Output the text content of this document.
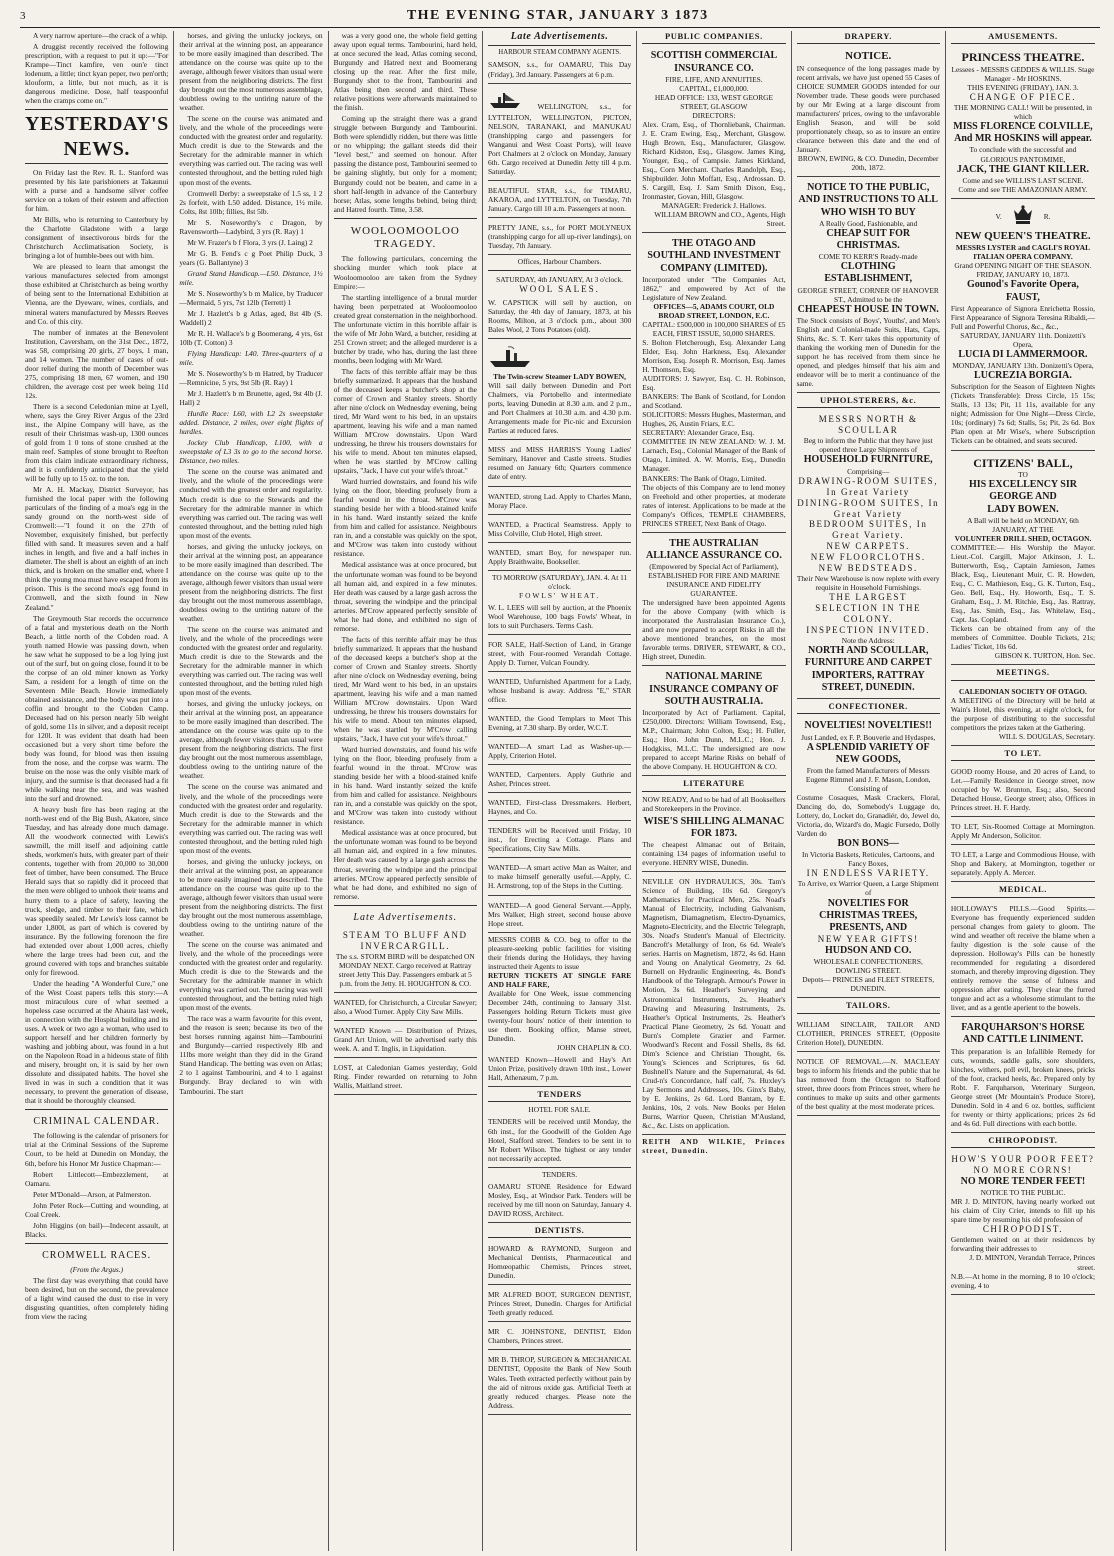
3	THE EVENING STAR, JANUARY 3 1873

A very narrow aperture—the crack of a whip.

A druggist recently received the following prescription, with a request to put it up:—"For Krampe—Tinct kamfire, ven oun'e tinct lodenum, a little; tinct kyan peper, two pen'orth; klouform, a little, but not much, as it is dangerous medicine. Dose, half teaspoonful when the cramps come on."

YESTERDAY'S NEWS.

On Friday last the Rev. R. L. Stanford was presented by his late parishioners at Takaunui with a purse and a handsome silver coffee service on a token of their esteem and affection for him.

Mr Bills, who is returning to Canterbury by the Charlotte Gladstone with a large consignment of insectivorous birds for the Christchurch Acclimatisation Society, is bringing a lot of humble-bees out with him.

We are pleased to learn that amongst the various manufactures selected from amongst those exhibited at Christchurch as being worthy of being sent to the International Exhibition at Vienna, are the Dyeware, wines, cordials, and mineral waters manufactured by Messrs Reeves and Co. of this city.

The number of inmates at the Benevolent Institution, Caversham, on the 31st Dec., 1872, was 58, comprising 20 girls, 27 boys, 1 man, and 14 women. The number of cases of out-door relief during the month of December was 275, comprising 18 men, 67 women, and 190 children, the average cost per week being 11d 12s.

There is a second Celedonian mine at Lyell, where, says the Grey River Argus of the 23rd inst., the Alpine Company will have, as the result of their Christmas wash-up, 1300 ounces of gold from 1 0 tons of stone crushed at the main reef. Samples of stone brought to Reefton from this claim indicate extraordinary richness, and it is confidently anticipated that the yield will be fully up to 15 oz. to the ton.

Mr A. H. Mackay, District Surveyor, has furnished the local paper with the following particulars of the finding of a moa's egg in the sandy ground on the north-west side of Cromwell:—"I found it on the 27th of November, exquisitely finished, but perfectly filled with sand. It measures seven and a half inches in length, and five and a half inches in diameter. The shell is about an eighth of an inch thick, and is broken on the smaller end, where I think the young moa must have escaped from its prison. This is the second moa's egg found in Cromwell, and the sixth found in New Zealand."

The Greymouth Star records the occurrence of a fatal and mysterious death on the North Beach, a little north of the Cobden road. A youth named Howie was passing down, when he saw what he supposed to be a log lying just out of the surf, but on going close, found it to be the corpse of an old miner known as Yorky Sam, a resident for a length of time on the Seventeen Mile Beach. Howie immediately obtained assistance, and the body was put into a coffin and brought to the Cobden Camp. Deceased had on his person nearly 5lb weight of gold, some 11s in silver, and a deposit receipt for 120l. It was evident that death had been occasioned but a very short time before the body was found, for blood was then issuing from the nose, and the corpse was warm. The bruise on the nose was the only visible mark of injury, and the surmise is that deceased had a fit while walking near the sea, and was washed into the surf and drowned.

A heavy bush fire has been raging at the north-west end of the Big Bush, Akatore, since Tuesday, and has already done much damage. All the woodwork connected with Lewis's sawmill, the mill itself and adjoining cattle sheds, workmen's huts, with greater part of their contents, together with from 20,000 to 30,000 feet of timber, have been consumed. The Bruce Herald says that so rapidly did it proceed that the men were obliged to unhook their teams and hurry them to a place of safety, leaving the truck, sledge, and timber to their fate, which was speedily sealed. Mr Lewis's loss cannot be under 1,800l, as part of which is covered by insurance. By the following forenoon the fire had extended over about 1,000 acres, chiefly where the large trees had been cut, and the ground covered with tops and branches suitable only for firewood.

Under the heading "A Wonderful Cure," one of the West Coast papers tells this story:—A most miraculous cure of what seemed a hopeless case occurred at the Ahaura last week, in connection with the Hospital building and its uses. A week or two ago a woman, who used to support herself and her children formerly by washing and jobbing about, was found in a hut on the Napoleon Road in a hideous state of filth and misery, brought on, it is said by her own dissolute and dissipated habits. The hovel she lived in was in such a condition that it was necessary, to prevent the generation of disease, that it should be thoroughly cleansed.

CRIMINAL CALENDAR.

The following is the calendar of prisoners for trial at the Criminal Sessions of the Supreme Court, to be held at Dunedin on Monday, the 6th, before his Honor Mr Justice Chapman:—

Robert Littlecott—Embezzlement, at Oamaru.

Peter M'Donald—Arson, at Palmerston.

John Peter Rock—Cutting and wounding, at Coal Creek.

John Higgins (on bail)—Indecent assault, at Blacks.

CROMWELL RACES.
(From the Argus.)

The first day was everything that could have been desired, but on the second, the prevalence of a light wind caused the dust to rise in very disgusting quantities, often completely hiding from view the racing

horses, and giving the unlucky jockeys, on their arrival at the winning post, an appearance to be more easily imagined than described. The attendance on the course was quite up to the average, although fewer visitors than usual were present from the neighboring districts. The first day brought out the most numerous assemblage, doubtless owing to the untiring nature of the weather.

The scene on the course was animated and lively, and the whole of the proceedings were conducted with the greatest order and regularity. Much credit is due to the Stewards and the Secretary for the admirable manner in which everything was carried out. The racing was well contested throughout, and the betting ruled high upon most of the events.

Cromwell Derby: a sweepstake of 1.5 ss, 1 2 2s forfeit, with L50 added. Distance, 1½ mile. Colts, 8st 10lb; fillies, 8st 5lb.

Mr S. Noseworthy's c Dragon, by Ravensworth—Ladybird, 3 yrs (R. Ray) 1

Mr W. Frazer's b f Flora, 3 yrs (J. Laing) 2

Mr G. B. Fend's c g Poet Philip Duck, 3 years (G. Ballantyne) 3

Grand Stand Handicap.—L50. Distance, 1½ mile.

Mr S. Noseworthy's b m Malice, by Traducer—Mermaid, 5 yrs, 7st 12lb (Terrett) 1

Mr J. Hazlett's b g Atlas, aged, 8st 4lb (S. Waddell) 2

Mr R. H. Wallace's b g Boomerang, 4 yrs, 6st 10lb (T. Cotton) 3

Flying Handicap: L40. Three-quarters of a mile.

Mr S. Noseworthy's b m Hatred, by Traducer—Remnicine, 5 yrs, 9st 5lb (R. Ray) 1

Mr J. Hazlett's b m Brunette, aged, 9st 4lb (J. Hall) 2

Hurdle Race: L60, with L2 2s sweepstake added. Distance, 2 miles, over eight flights of hurdles.

Jockey Club Handicap, L100, with a sweepstake of L3 3s to go to the second horse. Distance, two miles.

The scene on the course was animated and lively, and the whole of the proceedings were conducted with the greatest order and regularity. Much credit is due to the Stewards and the Secretary for the admirable manner in which everything was carried out. The racing was well contested throughout, and the betting ruled high upon most of the events.

horses, and giving the unlucky jockeys, on their arrival at the winning post, an appearance to be more easily imagined than described. The attendance on the course was quite up to the average, although fewer visitors than usual were present from the neighboring districts. The first day brought out the most numerous assemblage, doubtless owing to the untiring nature of the weather.

The scene on the course was animated and lively, and the whole of the proceedings were conducted with the greatest order and regularity. Much credit is due to the Stewards and the Secretary for the admirable manner in which everything was carried out. The racing was well contested throughout, and the betting ruled high upon most of the events.

horses, and giving the unlucky jockeys, on their arrival at the winning post, an appearance to be more easily imagined than described. The attendance on the course was quite up to the average, although fewer visitors than usual were present from the neighboring districts. The first day brought out the most numerous assemblage, doubtless owing to the untiring nature of the weather.

The scene on the course was animated and lively, and the whole of the proceedings were conducted with the greatest order and regularity. Much credit is due to the Stewards and the Secretary for the admirable manner in which everything was carried out. The racing was well contested throughout, and the betting ruled high upon most of the events.

horses, and giving the unlucky jockeys, on their arrival at the winning post, an appearance to be more easily imagined than described. The attendance on the course was quite up to the average, although fewer visitors than usual were present from the neighboring districts. The first day brought out the most numerous assemblage, doubtless owing to the untiring nature of the weather.

The scene on the course was animated and lively, and the whole of the proceedings were conducted with the greatest order and regularity. Much credit is due to the Stewards and the Secretary for the admirable manner in which everything was carried out. The racing was well contested throughout, and the betting ruled high upon most of the events.

The race was a warm favourite for this event, and the reason is seen; because its two of the best horses running against him—Tambourini and Burgundy—carried respectively 8lb and 11lbs more weight than they did in the Grand Stand Handicap. The betting was even on Atlas; 2 to 1 against Tambourini, and 4 to 1 against Burgundy. Bray declared to win with Tambourini. The start

was a very good one, the whole field getting away upon equal terms. Tambourini, hard held, at once secured the lead, Atlas coming second, Burgundy and Hatred next and Boomerang closing up the rear. After the first mile, Burgundy shot to the front, Tambourini and Atlas being then second and third. These relative positions were afterwards maintained to the finish.

Coming up the straight there was a grand struggle between Burgundy and Tambourini. Both were splendidly ridden, but there was little or no whipping; the gallant steeds did their "level best," and seemed on honour. After passing the distance post, Tambourini seemed to be gaining slightly, but only for a moment; Burgundy could not be beaten, and came in a short half-length in advance of the Canterbury horse; Atlas, some lengths behind, being third; and Hatred fourth. Time, 3.58.

WOOLOOMOOLOO TRAGEDY.

The following particulars, concerning the shocking murder which took place at Wooloomooloo are taken from the Sydney Empire:—

The startling intelligence of a brutal murder having been perpetrated at Wooloomooloo created great consternation in the neighborhood. The unfortunate victim in this horrible affair is the wife of Mr John Ward, a butcher, residing at 251 Crown street; and the alleged murderer is a butcher by trade, who has, during the last three months, been lodging with Mr Ward.

The facts of this terrible affair may be thus briefly summarized. It appears that the husband of the deceased keeps a butcher's shop at the corner of Crown and Stanley streets. Shortly after nine o'clock on Wednesday evening, being tired, Mr Ward went to his bed, in an upstairs apartment, leaving his wife and a man named William M'Crow downstairs. Upon Ward undressing, he threw his trousers downstairs for his wife to mend. About ten minutes elapsed, when he was startled by M'Crow calling upstairs, "Jack, I have cut your wife's throat."

Ward hurried downstairs, and found his wife lying on the floor, bleeding profusely from a fearful wound in the throat. M'Crow was standing beside her with a blood-stained knife in his hand. Ward instantly seized the knife from him and called for assistance. Neighbours ran in, and a constable was quickly on the spot, and M'Crow was taken into custody without resistance.

Medical assistance was at once procured, but the unfortunate woman was found to be beyond all human aid, and expired in a few minutes. Her death was caused by a large gash across the throat, severing the windpipe and the principal arteries. M'Crow appeared perfectly sensible of what he had done, and exhibited no sign of remorse.

The facts of this terrible affair may be thus briefly summarized. It appears that the husband of the deceased keeps a butcher's shop at the corner of Crown and Stanley streets. Shortly after nine o'clock on Wednesday evening, being tired, Mr Ward went to his bed, in an upstairs apartment, leaving his wife and a man named William M'Crow downstairs. Upon Ward undressing, he threw his trousers downstairs for his wife to mend. About ten minutes elapsed, when he was startled by M'Crow calling upstairs, "Jack, I have cut your wife's throat."

Ward hurried downstairs, and found his wife lying on the floor, bleeding profusely from a fearful wound in the throat. M'Crow was standing beside her with a blood-stained knife in his hand. Ward instantly seized the knife from him and called for assistance. Neighbours ran in, and a constable was quickly on the spot, and M'Crow was taken into custody without resistance.

Medical assistance was at once procured, but the unfortunate woman was found to be beyond all human aid, and expired in a few minutes. Her death was caused by a large gash across the throat, severing the windpipe and the principal arteries. M'Crow appeared perfectly sensible of what he had done, and exhibited no sign of remorse.

Late Advertisements.
STEAM TO BLUFF AND INVERCARGILL.
The s.s. STORM BIRD will be despatched ON MONDAY NEXT. Cargo received at Rattray street Jetty This Day. Passengers embark at 5 p.m. from the Jetty. H. HOUGHTON & CO.
WANTED, for Christchurch, a Circular Sawyer; also, a Wood Turner. Apply City Saw Mills.
WANTED Known — Distribution of Prizes, Grand Art Union, will be advertised early this week. A. and T. Inglis, in Liquidation.
LOST, at Caledonian Games yesterday, Gold Ring. Finder rewarded on returning to John Wallis, Maitland street.
Late Advertisements.
HARBOUR STEAM COMPANY AGENTS.
SAMSON, s.s., for OAMARU, This Day (Friday), 3rd January. Passengers at 6 p.m.
WELLINGTON, s.s., for LYTTELTON, WELLINGTON, PICTON, NELSON, TARANAKI, and MANUKAU (transhipping cargo and passengers for Wanganui and West Coast Ports), will leave Port Chalmers at 2 o'clock on Monday, January 6th. Cargo received at Dunedin Jetty till 4 p.m. Saturday.
BEAUTIFUL STAR, s.s., for TIMARU, AKAROA, and LYTTELTON, on Tuesday, 7th January. Cargo till 10 a.m. Passengers at noon.
PRETTY JANE, s.s., for PORT MOLYNEUX (transhipping cargo for all up-river landings), on Tuesday, 7th January.
Offices, Harbour Chambers.
SATURDAY, 4th JANUARY, At 3 o'clock.
WOOL SALES.
W. CAPSTICK will sell by auction, on Saturday, the 4th day of January, 1873, at his Rooms, Milton, at 3 o'clock p.m., about 300 Bales Wool, 2 Tons Potatoes (old).
The Twin-screw Steamer LADY BOWEN,
Will sail daily between Dunedin and Port Chalmers, via Portobello and intermediate ports, leaving Dunedin at 8.30 a.m. and 2 p.m., and Port Chalmers at 10.30 a.m. and 4.30 p.m. Arrangements made for Pic-nic and Excursion Parties at reduced fares.
MISS and MISS HARRIS'S Young Ladies' Seminary, Hanover and Castle streets. Studies resumed on January 6th; Quarters commence date of entry.
WANTED, strong Lad. Apply to Charles Mann, Moray Place.
WANTED, a Practical Seamstress. Apply to Miss Colville, Club Hotel, High street.
WANTED, smart Boy, for newspaper run. Apply Braithwaite, Bookseller.
TO MORROW (SATURDAY), JAN. 4. At 11 o'clock.
FOWLS' WHEAT.
W. L. LEES will sell by auction, at the Phoenix Wool Warehouse, 100 bags Fowls' Wheat, in lots to suit Purchasers. Terms Cash.
FOR SALE, Half-Section of Land, in Grange street, with Four-roomed Verandah Cottage. Apply D. Turner, Vulcan Foundry.
WANTED, Unfurnished Apartment for a Lady, whose husband is away. Address "E," STAR office.
WANTED, the Good Templars to Meet This Evening, at 7.30 sharp. By order, W.C.T.
WANTED—A smart Lad as Washer-up.—Apply, Criterion Hotel.
WANTED, Carpenters. Apply Guthrie and Asher, Princes street.
WANTED, First-class Dressmakers. Herbert, Haynes, and Co.
TENDERS will be Received until Friday, 10 inst., for Erecting a Cottage. Plans and Specifications, City Saw Mills.
WANTED—A smart active Man as Waiter, and to make himself generally useful.—Apply, C. H. Armstrong, top of the Steps in the Cutting.
WANTED—A good General Servant.—Apply, Mrs Walker, High street, second house above Hope street.
MESSRS COBB & CO. beg to offer to the pleasure-seeking public facilities for visiting their friends during the Holidays, they having instructed their Agents to issue
RETURN TICKETS AT SINGLE FARE AND HALF FARE,
Available for One Week, issue commencing December 24th, continuing to January 31st. Passengers holding Return Tickets must give twenty-four hours' notice of their intention to use them. Booking office, Manse street, Dunedin.
JOHN CHAPLIN & CO.
WANTED Known—Howell and Hay's Art Union Prize, positively drawn 10th inst., Lower Hall, Athenæum, 7 p.m.
TENDERS
HOTEL FOR SALE.
TENDERS will be received until Monday, the 6th inst., for the Goodwill of the Golden Age Hotel, Stafford street. Tenders to be sent in to Mr Robert Wilson. The highest or any tender not necessarily accepted.
TENDERS.
OAMARU STONE Residence for Edward Mosley, Esq., at Windsor Park. Tenders will be received by me till noon on Saturday, January 4. DAVID ROSS, Architect.
DENTISTS.
HOWARD & RAYMOND, Surgeon and Mechanical Dentists, Pharmaceutical and Homœopathic Chemists, Princes street, Dunedin.
MR ALFRED BOOT, SURGEON DENTIST, Princes Street, Dunedin. Charges for Artificial Teeth greatly reduced.
MR C. JOHNSTONE, DENTIST, Eldon Chambers, Princes street.
MR B. THROP, SURGEON & MECHANICAL DENTIST, Opposite the Bank of New South Wales. Teeth extracted perfectly without pain by the aid of nitrous oxide gas. Artificial Teeth at greatly reduced charges. Please note the Address.
PUBLIC COMPANIES.
SCOTTISH COMMERCIAL INSURANCE CO.
FIRE, LIFE, AND ANNUITIES.
CAPITAL, £1,000,000.
HEAD OFFICE: 133, WEST GEORGE STREET, GLASGOW
DIRECTORS:
Alex. Cram, Esq., of Thornliebank, Chairman. J. E. Cram Ewing, Esq., Merchant, Glasgow. Hugh Brown, Esq., Manufacturer, Glasgow. Richard Kidston, Esq., Glasgow. James King, Younger, Esq., of Campsie. James Kirkland, Esq., Corn Merchant. Charles Randolph, Esq., Shipbuilder. John Moffatt, Esq., Ardrossan. D. S. Cargill, Esq. J. Sam Smith Dixon, Esq., Ironmaster, Govan, Hill, Glasgow.
MANAGER: Frederick J. Hallows.
WILLIAM BROWN and CO., Agents, High Street.
THE OTAGO AND SOUTHLAND INVESTMENT COMPANY (LIMITED).
Incorporated under "The Companies Act, 1862," and empowered by Act of the Legislature of New Zealand.
OFFICES—5, ADAMS COURT, OLD BROAD STREET, LONDON, E.C.
CAPITAL: £500,000 in 100,000 SHARES of £5 EACH, FIRST ISSUE, 50,000 SHARES.
S. Bolton Fletcherough, Esq. Alexander Lang Elder, Esq. John Harkness, Esq. Alexander Morrison, Esq. Joseph R. Morrison, Esq. James H. Thomson, Esq.
AUDITORS: J. Sawyer, Esq. C. H. Robinson, Esq.
BANKERS: The Bank of Scotland, for London and Scotland.
SOLICITORS: Messrs Hughes, Masterman, and Hughes, 26, Austin Friars, E.C.
SECRETARY: Alexander Grace, Esq.
COMMITTEE IN NEW ZEALAND: W. J. M. Larnach, Esq., Colonial Manager of the Bank of Otago, Limited. A. W. Morris, Esq., Dunedin Manager.
BANKERS: The Bank of Otago, Limited.
The objects of this Company are to lend money on Freehold and other properties, at moderate rates of interest. Applications to be made at the Company's Offices, TEMPLE CHAMBERS, PRINCES STREET, Next Bank of Otago.
THE AUSTRALIAN ALLIANCE ASSURANCE CO.
(Empowered by Special Act of Parliament), ESTABLISHED FOR FIRE AND MARINE INSURANCE AND FIDELITY GUARANTEE.
The undersigned have been appointed Agents for the above Company (with which is incorporated the Australasian Insurance Co.), and are now prepared to accept Risks in all the above mentioned branches, on the most favorable terms. DRIVER, STEWART, & CO., High street, Dunedin.
NATIONAL MARINE INSURANCE COMPANY OF SOUTH AUSTRALIA.
Incorporated by Act of Parliament. Capital, £250,000. Directors: William Townsend, Esq., M.P., Chairman; John Colton, Esq.; H. Fuller, Esq.; Hon. John Dunn, M.L.C.; Hon. J. Hodgkiss, M.L.C. The undersigned are now prepared to accept Marine Risks on behalf of the above Company. H. HOUGHTON & CO.
LITERATURE
NOW READY, And to be had of all Booksellers and Storekeepers in the Province.
WISE'S SHILLING ALMANAC FOR 1873.
The cheapest Almanac out of Britain, containing 134 pages of information useful to everyone. HENRY WISE, Dunedin.
NEVILLE ON HYDRAULICS, 30s. Tam's Science of Building, 10s 6d. Gregory's Mathematics for Practical Men, 25s. Noad's Manual of Electricity, including Galvanism, Magnetism, Diamagnetism, Electro-Dynamics, Magneto-Electricity, and the Electric Telegraph, 30s. Noad's Student's Manual of Electricity. Bancroft's Metallurgy of Iron, 6s 6d. Weale's series. Harris on Magnetism, 1872, 4s 6d. Hann and Young on Analytical Geometry, 2s 6d. Burnell on Hydraulic Engineering, 4s. Bond's Handbook of the Telegraph. Armour's Power in Motion, 3s 6d. Heather's Surveying and Astronomical Instruments, 2s. Heather's Drawing and Measuring Instruments, 2s. Heather's Optical Instruments, 2s. Heather's Practical Plane Geometry, 2s 6d. Youatt and Burn's Complete Grazier and Farmer. Woodward's Recent and Fossil Shells, 8s 6d. Dim's Science and Christian Thought, 6s. Young's Sciences and Scriptures, 6s 6d. Bushnell's Nature and the Supernatural, 4s 6d. Crud-n's Concordance, half calf, 7s. Huxley's Lay Sermons and Addresses, 10s. Ginx's Baby, by E. Jenkins, 2s 6d. Lord Bantam, by E. Jenkins, 10s, 2 vols. New Books per Helen Burns, Warrior Queen, Christian M'Ausland, &c., &c. Lists on application.
REITH AND WILKIE, Princes street, Dunedin.
DRAPERY.
NOTICE.
IN consequence of the long passages made by recent arrivals, we have just opened 55 Cases of CHOICE SUMMER GOODS intended for our November trade. These goods were purchased by our Mr Ewing at a large discount from manufacturers' prices, owing to the unfavorable English Season, and will be sold proportionately cheap, so as to insure an entire clearance between this date and the end of January.
BROWN, EWING, & CO. Dunedin, December 20th, 1872.
NOTICE TO THE PUBLIC, AND INSTRUCTIONS TO ALL WHO WISH TO BUY
A Really Good, Fashionable, and
CHEAP SUIT FOR CHRISTMAS.
COME TO KERR'S Ready-made
CLOTHING ESTABLISHMENT,
GEORGE STREET, CORNER OF HANOVER ST., Admitted to be the
CHEAPEST HOUSE IN TOWN.
The Stock consists of Boys', Youths', and Men's English and Colonial-made Suits, Hats, Caps, Shirts, &c. S. T. Kerr takes this opportunity of thanking the working men of Dunedin for the support he has received from them since he opened, and pledges himself that his aim and endeavor will be to merit a continuance of the same.
UPHOLSTERERS, &c.
MESSRS NORTH & SCOULLAR
Beg to inform the Public that they have just opened three Large Shipments of
HOUSEHOLD FURNITURE,
Comprising—
DRAWING-ROOM SUITES, In Great Variety
DINING-ROOM SUITES, In Great Variety
BEDROOM SUITES, In Great Variety.
NEW CARPETS.
NEW FLOORCLOTHS.
NEW BEDSTEADS.
Their New Warehouse is now replete with every requisite in Household Furnishings.
THE LARGEST SELECTION IN THE COLONY.
INSPECTION INVITED.
Note the Address:
NORTH AND SCOULLAR, FURNITURE AND CARPET IMPORTERS, RATTRAY STREET, DUNEDIN.
CONFECTIONER.
NOVELTIES! NOVELTIES!!
Just Landed, ex F. P. Bouverie and Hydaspes,
A SPLENDID VARIETY OF NEW GOODS,
From the famed Manufacturers of Messrs Eugene Rimmel and J. F. Mason, London,
Consisting of
Costume Cosaques, Mask Crackers, Floral, Dancing do, do, Somebody's Luggage do, Lottery, do, Locket do, Granadiér, do, Jewel do, Victoria, do, Wizard's do, Magic Fursedo, Dolly Varden do
BON BONS—
In Victoria Baskets, Reticules, Cartoons, and Fancy Boxes,
IN ENDLESS VARIETY.
To Arrive, ex Warrior Queen, a Large Shipment of
NOVELTIES FOR CHRISTMAS TREES, PRESENTS, AND
NEW YEAR GIFTS!
HUDSON AND CO.
WHOLESALE CONFECTIONERS, DOWLING STREET.
Depots— PRINCES and FLEET STREETS, DUNEDIN.
TAILORS.
WILLIAM SINCLAIR, TAILOR AND CLOTHIER, PRINCES STREET, (Opposite Criterion Hotel), DUNEDIN.
NOTICE OF REMOVAL.—N. MACLEAY begs to inform his friends and the public that he has removed from the Octagon to Stafford street, three doors from Princes street, where he continues to make up suits and other garments of the best quality at the most moderate prices.
AMUSEMENTS.
PRINCESS THEATRE.
Lessees - MESSRS GEDDES & WILLIS. Stage Manager - Mr HOSKINS.
THIS EVENING (FRIDAY), JAN. 3.
CHANGE OF PIECE.
THE MORNING CALL! Will be presented, in which
MISS FLORENCE COLVILLE, And MR HOSKINS will appear.
To conclude with the successful and GLORIOUS PANTOMIME,
JACK, THE GIANT KILLER.
Come and see WILLIS'S LAST SCENE.
Come and see THE AMAZONIAN ARMY.
V.	R.
NEW QUEEN'S THEATRE.
MESSRS LYSTER and CAGLI'S ROYAL ITALIAN OPERA COMPANY.
Grand OPENING NIGHT OF THE SEASON. FRIDAY, JANUARY 10, 1873.
Gounod's Favorite Opera, FAUST,
First Appearance of Signora Enrichetta Rossio, First Appearance of Signora Teresina Ribaldi,—Full and Powerful Chorus, &c., &c.,
SATURDAY, JANUARY 11th. Donizetti's Opera,
LUCIA DI LAMMERMOOR.
MONDAY, JANUARY 13th. Donizetti's Opera,
LUCREZIA BORGIA.
Subscription for the Season of Eighteen Nights (Tickets Transferable): Dress Circle, 15 15s; Stalls, 13 13s; Pit, 11 11s, available for any night; Admission for One Night—Dress Circle, 10s; (ordinary) 7s 6d; Stalls, 5s; Pit, 2s 6d. Box Plan open at Mr Wise's, where Subscription Tickets can be obtained, and seats secured.
CITIZENS' BALL,
TO
HIS EXCELLENCY SIR GEORGE AND
LADY BOWEN.
A Ball will be held on MONDAY, 6th JANUARY, AT THE
VOLUNTEER DRILL SHED, OCTAGON.
COMMITTEE:— His Worship the Mayor. Lieut.-Col. Cargill, Major Atkinson, J. L. Butterworth, Esq., Captain Jamieson, James Black, Esq., Lieutenant Muir, C. R. Howden, Esq., C. C. Mathieson, Esq., G. K. Turton, Esq., Geo. Bell, Esq., Hy. Howorth, Esq., T. S. Graham, Esq., J. M. Ritchie, Esq., Jas. Rattray, Esq., Jas. Smith, Esq., Jas. Whitelaw, Esq., Capt. Jas. Copland.
Tickets can be obtained from any of the members of Committee. Double Tickets, 21s; Ladies' Ticket, 10s 6d.
GIBSON K. TURTON, Hon. Sec.
MEETINGS.
CALEDONIAN SOCIETY OF OTAGO.
A MEETING of the Directory will be held at Wain's Hotel, this evening, at eight o'clock, for the purpose of distributing to the successful competitors the prizes taken at the Gathering.
WILL S. DOUGLAS, Secretary.
TO LET.
GOOD roomy House, and 20 acres of Land, to Let.—Family Residence in George street, now occupied by W. Brunton, Esq.; also, Second Detached House, George street; also, Offices in Princes street. H. F. Hardy.
TO LET, Six-Roomed Cottage at Mornington. Apply Mr Anderson, Solicitor.
TO LET, a Large and Commodious House, with Shop and Bakery, at Mornington, together or separately. Apply A. Mercer.
MEDICAL.
HOLLOWAY'S PILLS.—Good Spirits.—Everyone has frequently experienced sudden personal changes from gaiety to gloom. The wind and weather oft receive the blame when a faulty digestion is the sole cause of the depression. Holloway's Pills can be honestly recommended for regulating a disordered stomach, and thereby improving digestion. They entirely remove the sense of fulness and oppression after eating. They clear the furred tongue and act as a wholesome stimulant to the liver, and as a gentle aperient to the bowels.
FARQUHARSON'S HORSE AND CATTLE LINIMENT.
This preparation is an Infallible Remedy for cuts, wounds, saddle galls, sore shoulders, kinches, withers, poll evil, broken knees, pricks of the foot, cracked heels, &c. Prepared only by Robt. F. Farquharson, Veterinary Surgeon, George street (Mr Mountain's Produce Store), Dunedin. Sold in 4 and 6 oz. bottles, sufficient for twenty or thirty applications; prices 2s 6d and 4s 6d. Full directions with each bottle.
CHIROPODIST.
HOW'S YOUR POOR FEET?
NO MORE CORNS!
NO MORE TENDER FEET!
NOTICE TO THE PUBLIC.
MR J. D. MINTON, having nearly worked out his claim of City Crier, intends to fill up his spare time by resuming his old profession of
CHIROPODIST.
Gentlemen waited on at their residences by forwarding their addresses to
J. D. MINTON, Verandah Terrace, Princes street.
N.B.—At home in the morning, 8 to 10 o'clock; evening, 4 to
